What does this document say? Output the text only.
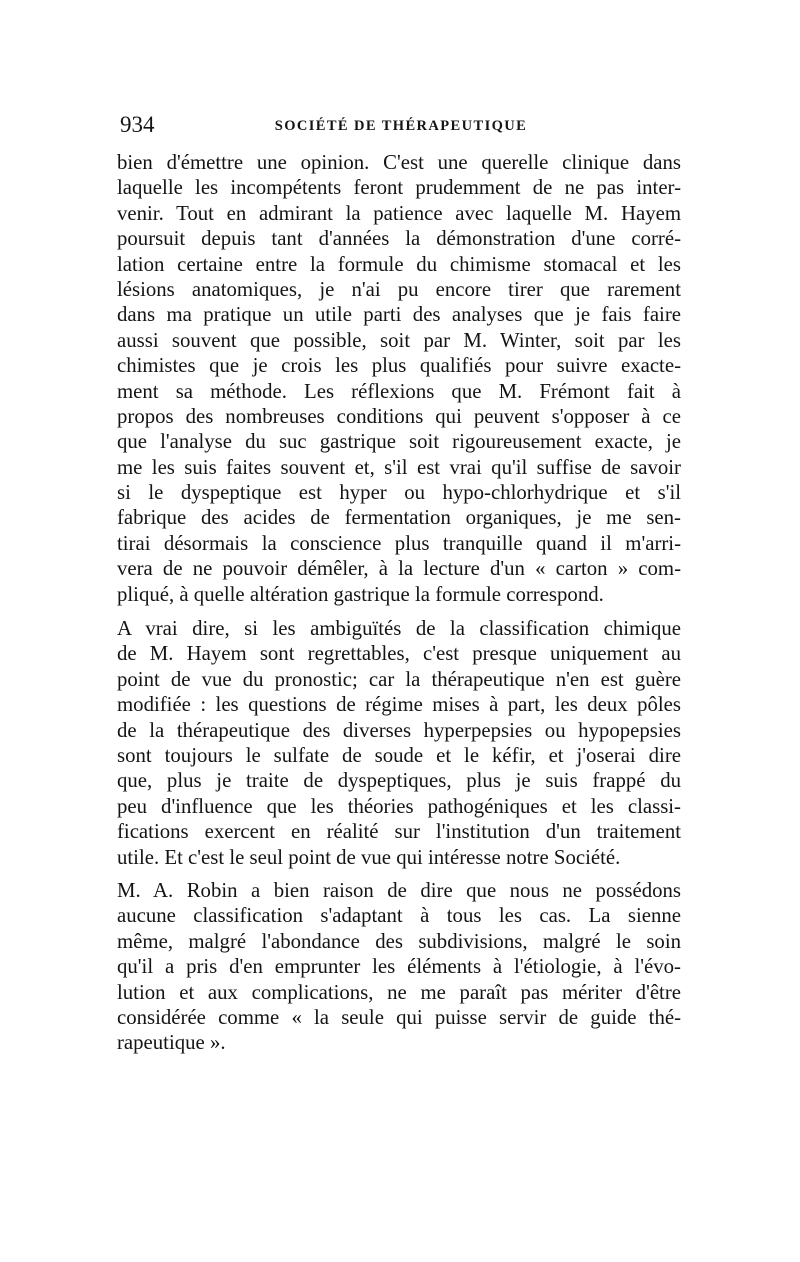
934	SOCIÉTÉ DE THÉRAPEUTIQUE
bien d'émettre une opinion. C'est une querelle clinique dans
laquelle les incompétents feront prudemment de ne pas inter-
venir. Tout en admirant la patience avec laquelle M. Hayem
poursuit depuis tant d'années la démonstration d'une corré-
lation certaine entre la formule du chimisme stomacal et les
lésions anatomiques, je n'ai pu encore tirer que rarement
dans ma pratique un utile parti des analyses que je fais faire
aussi souvent que possible, soit par M. Winter, soit par les
chimistes que je crois les plus qualifiés pour suivre exacte-
ment sa méthode. Les réflexions que M. Frémont fait à
propos des nombreuses conditions qui peuvent s'opposer à ce
que l'analyse du suc gastrique soit rigoureusement exacte, je
me les suis faites souvent et, s'il est vrai qu'il suffise de savoir
si le dyspeptique est hyper ou hypo-chlorhydrique et s'il
fabrique des acides de fermentation organiques, je me sen-
tirai désormais la conscience plus tranquille quand il m'arri-
vera de ne pouvoir démêler, à la lecture d'un « carton » com-
pliqué, à quelle altération gastrique la formule correspond.
A vrai dire, si les ambiguïtés de la classification chimique
de M. Hayem sont regrettables, c'est presque uniquement au
point de vue du pronostic; car la thérapeutique n'en est guère
modifiée : les questions de régime mises à part, les deux pôles
de la thérapeutique des diverses hyperpepsies ou hypopepsies
sont toujours le sulfate de soude et le kéfir, et j'oserai dire
que, plus je traite de dyspeptiques, plus je suis frappé du
peu d'influence que les théories pathogéniques et les classi-
fications exercent en réalité sur l'institution d'un traitement
utile. Et c'est le seul point de vue qui intéresse notre Société.
M. A. Robin a bien raison de dire que nous ne possédons
aucune classification s'adaptant à tous les cas. La sienne
même, malgré l'abondance des subdivisions, malgré le soin
qu'il a pris d'en emprunter les éléments à l'étiologie, à l'évo-
lution et aux complications, ne me paraît pas mériter d'être
considérée comme « la seule qui puisse servir de guide thé-
rapeutique ».
